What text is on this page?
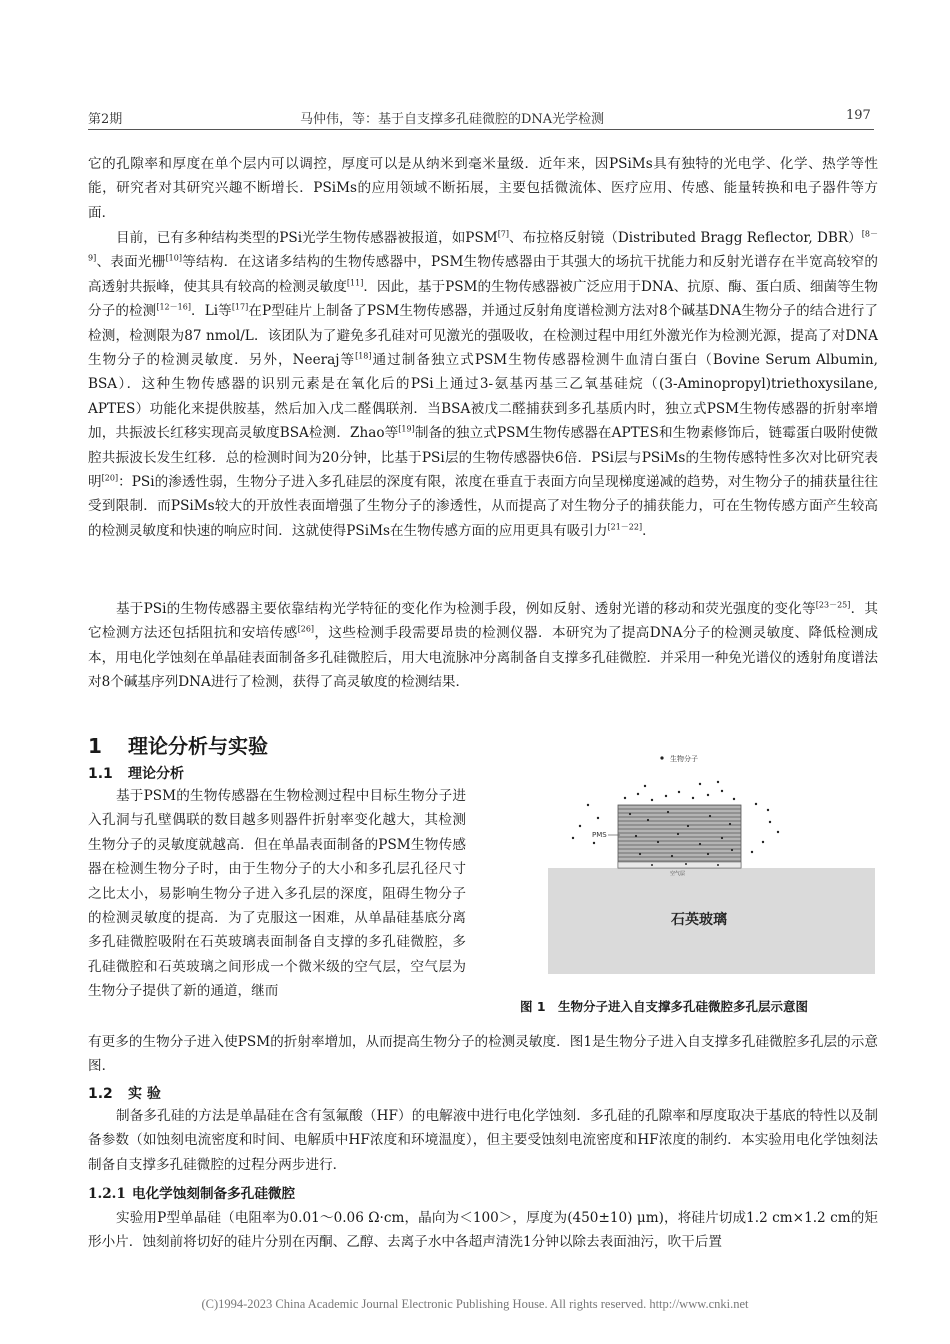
第2期	马仲伟，等：基于自支撑多孔硅微腔的DNA光学检测	197

它的孔隙率和厚度在单个层内可以调控，厚度可以是从纳米到毫米量级．近年来，因PSiMs具有独特的光电学、化学、热学等性能，研究者对其研究兴趣不断增长．PSiMs的应用领域不断拓展，主要包括微流体、医疗应用、传感、能量转换和电子器件等方面．

目前，已有多种结构类型的PSi光学生物传感器被报道，如PSM[7]、布拉格反射镜（Distributed Bragg Reflector, DBR）[8－9]、表面光栅[10]等结构．在这诸多结构的生物传感器中，PSM生物传感器由于其强大的场抗干扰能力和反射光谱存在半宽高较窄的高透射共振峰，使其具有较高的检测灵敏度[11]．因此，基于PSM的生物传感器被广泛应用于DNA、抗原、酶、蛋白质、细菌等生物分子的检测[12－16]．Li等[17]在P型硅片上制备了PSM生物传感器，并通过反射角度谱检测方法对8个碱基DNA生物分子的结合进行了检测，检测限为87 nmol/L．该团队为了避免多孔硅对可见激光的强吸收，在检测过程中用红外激光作为检测光源，提高了对DNA生物分子的检测灵敏度．另外，Neeraj等[18]通过制备独立式PSM生物传感器检测牛血清白蛋白（Bovine Serum Albumin, BSA）．这种生物传感器的识别元素是在氧化后的PSi上通过3-氨基丙基三乙氧基硅烷（(3-Aminopropyl)triethoxysilane, APTES）功能化来提供胺基，然后加入戊二醛偶联剂．当BSA被戊二醛捕获到多孔基质内时，独立式PSM生物传感器的折射率增加，共振波长红移实现高灵敏度BSA检测．Zhao等[19]制备的独立式PSM生物传感器在APTES和生物素修饰后，链霉蛋白吸附使微腔共振波长发生红移．总的检测时间为20分钟，比基于PSi层的生物传感器快6倍．PSi层与PSiMs的生物传感特性多次对比研究表明[20]：PSi的渗透性弱，生物分子进入多孔硅层的深度有限，浓度在垂直于表面方向呈现梯度递减的趋势，对生物分子的捕获量往往受到限制．而PSiMs较大的开放性表面增强了生物分子的渗透性，从而提高了对生物分子的捕获能力，可在生物传感方面产生较高的检测灵敏度和快速的响应时间．这就使得PSiMs在生物传感方面的应用更具有吸引力[21－22]．

基于PSi的生物传感器主要依靠结构光学特征的变化作为检测手段，例如反射、透射光谱的移动和荧光强度的变化等[23－25]．其它检测方法还包括阻抗和安培传感[26]，这些检测手段需要昂贵的检测仪器．本研究为了提高DNA分子的检测灵敏度、降低检测成本，用电化学蚀刻在单晶硅表面制备多孔硅微腔后，用大电流脉冲分离制备自支撑多孔硅微腔．并采用一种免光谱仪的透射角度谱法对8个碱基序列DNA进行了检测，获得了高灵敏度的检测结果．

1 理论分析与实验
1.1 理论分析

基于PSM的生物传感器在生物检测过程中目标生物分子进入孔洞与孔壁偶联的数目越多则器件折射率变化越大，其检测生物分子的灵敏度就越高．但在单晶表面制备的PSM生物传感器在检测生物分子时，由于生物分子的大小和多孔层孔径尺寸之比太小，易影响生物分子进入多孔层的深度，阻碍生物分子的检测灵敏度的提高．为了克服这一困难，从单晶硅基底分离多孔硅微腔吸附在石英玻璃表面制备自支撑的多孔硅微腔，多孔硅微腔和石英玻璃之间形成一个微米级的空气层，空气层为生物分子提供了新的通道，继而

有更多的生物分子进入使PSM的折射率增加，从而提高生物分子的检测灵敏度．图1是生物分子进入自支撑多孔硅微腔多孔层的示意图．

生物分子
PMS
空气层
石英玻璃

图 1　生物分子进入自支撑多孔硅微腔多孔层示意图

1.2 实 验

制备多孔硅的方法是单晶硅在含有氢氟酸（HF）的电解液中进行电化学蚀刻．多孔硅的孔隙率和厚度取决于基底的特性以及制备参数（如蚀刻电流密度和时间、电解质中HF浓度和环境温度），但主要受蚀刻电流密度和HF浓度的制约．本实验用电化学蚀刻法制备自支撑多孔硅微腔的过程分两步进行．

1.2.1 电化学蚀刻制备多孔硅微腔

实验用P型单晶硅（电阻率为0.01～0.06 Ω·cm，晶向为＜100＞，厚度为(450±10) μm)，将硅片切成1.2 cm×1.2 cm的矩形小片．蚀刻前将切好的硅片分别在丙酮、乙醇、去离子水中各超声清洗1分钟以除去表面油污，吹干后置

(C)1994-2023 China Academic Journal Electronic Publishing House. All rights reserved. http://www.cnki.net
